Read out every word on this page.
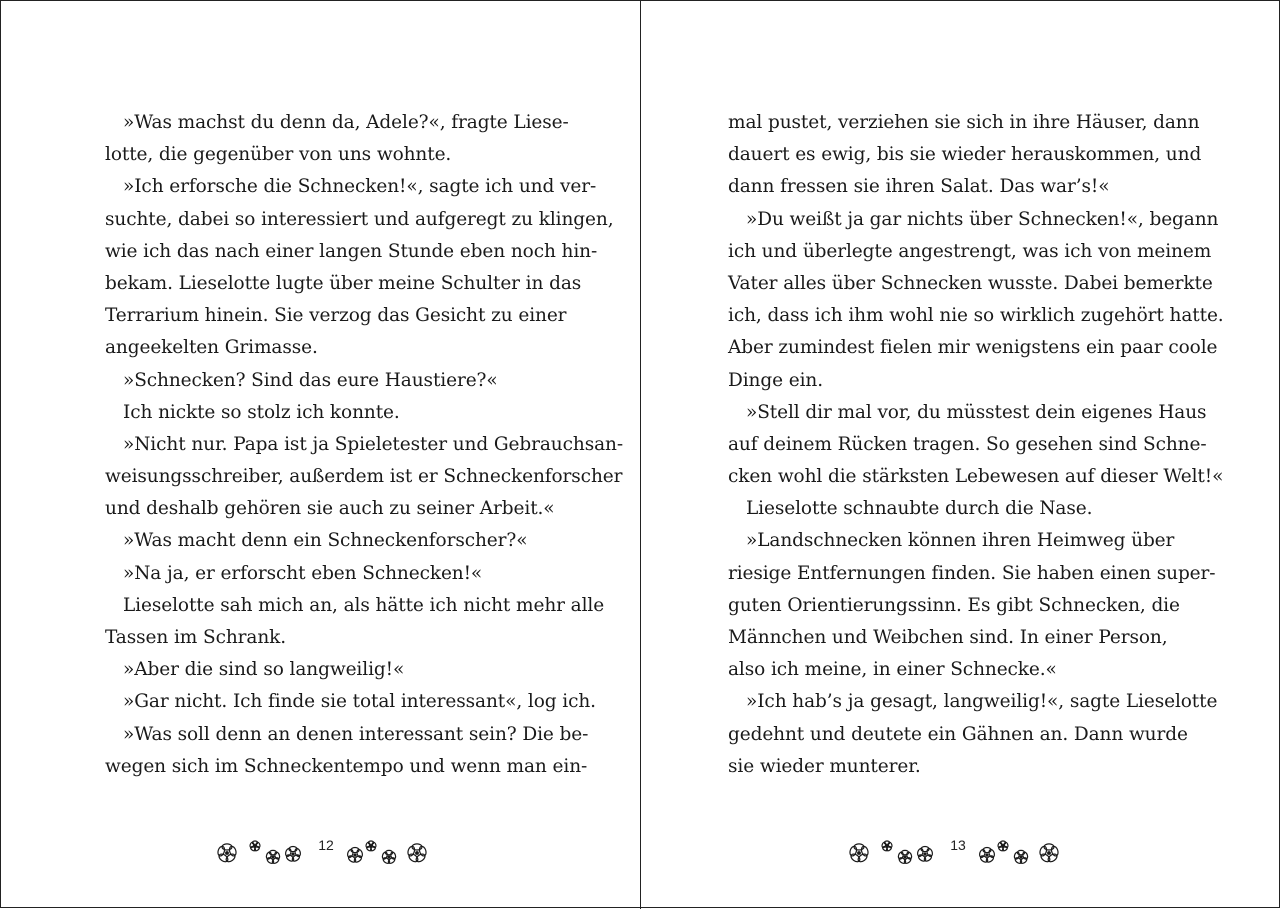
»Was machst du denn da, Adele?«, fragte Liese-
lotte, die gegenüber von uns wohnte.
»Ich erforsche die Schnecken!«, sagte ich und ver-
suchte, dabei so interessiert und aufgeregt zu klingen,
wie ich das nach einer langen Stunde eben noch hin-
bekam. Lieselotte lugte über meine Schulter in das
Terrarium hinein. Sie verzog das Gesicht zu einer
angeekelten Grimasse.
»Schnecken? Sind das eure Haustiere?«
Ich nickte so stolz ich konnte.
»Nicht nur. Papa ist ja Spieletester und Gebrauchsan-
weisungsschreiber, außerdem ist er Schneckenforscher
und deshalb gehören sie auch zu seiner Arbeit.«
»Was macht denn ein Schneckenforscher?«
»Na ja, er erforscht eben Schnecken!«
Lieselotte sah mich an, als hätte ich nicht mehr alle
Tassen im Schrank.
»Aber die sind so langweilig!«
»Gar nicht. Ich finde sie total interessant«, log ich.
»Was soll denn an denen interessant sein? Die be-
wegen sich im Schneckentempo und wenn man ein-
12
mal pustet, verziehen sie sich in ihre Häuser, dann
dauert es ewig, bis sie wieder herauskommen, und
dann fressen sie ihren Salat. Das war’s!«
»Du weißt ja gar nichts über Schnecken!«, begann
ich und überlegte angestrengt, was ich von meinem
Vater alles über Schnecken wusste. Dabei bemerkte
ich, dass ich ihm wohl nie so wirklich zugehört hatte.
Aber zumindest fielen mir wenigstens ein paar coole
Dinge ein.
»Stell dir mal vor, du müsstest dein eigenes Haus
auf deinem Rücken tragen. So gesehen sind Schne-
cken wohl die stärksten Lebewesen auf dieser Welt!«
Lieselotte schnaubte durch die Nase.
»Landschnecken können ihren Heimweg über
riesige Entfernungen finden. Sie haben einen super-
guten Orientierungssinn. Es gibt Schnecken, die
Männchen und Weibchen sind. In einer Person,
also ich meine, in einer Schnecke.«
»Ich hab’s ja gesagt, langweilig!«, sagte Lieselotte
gedehnt und deutete ein Gähnen an. Dann wurde
sie wieder munterer.
13
